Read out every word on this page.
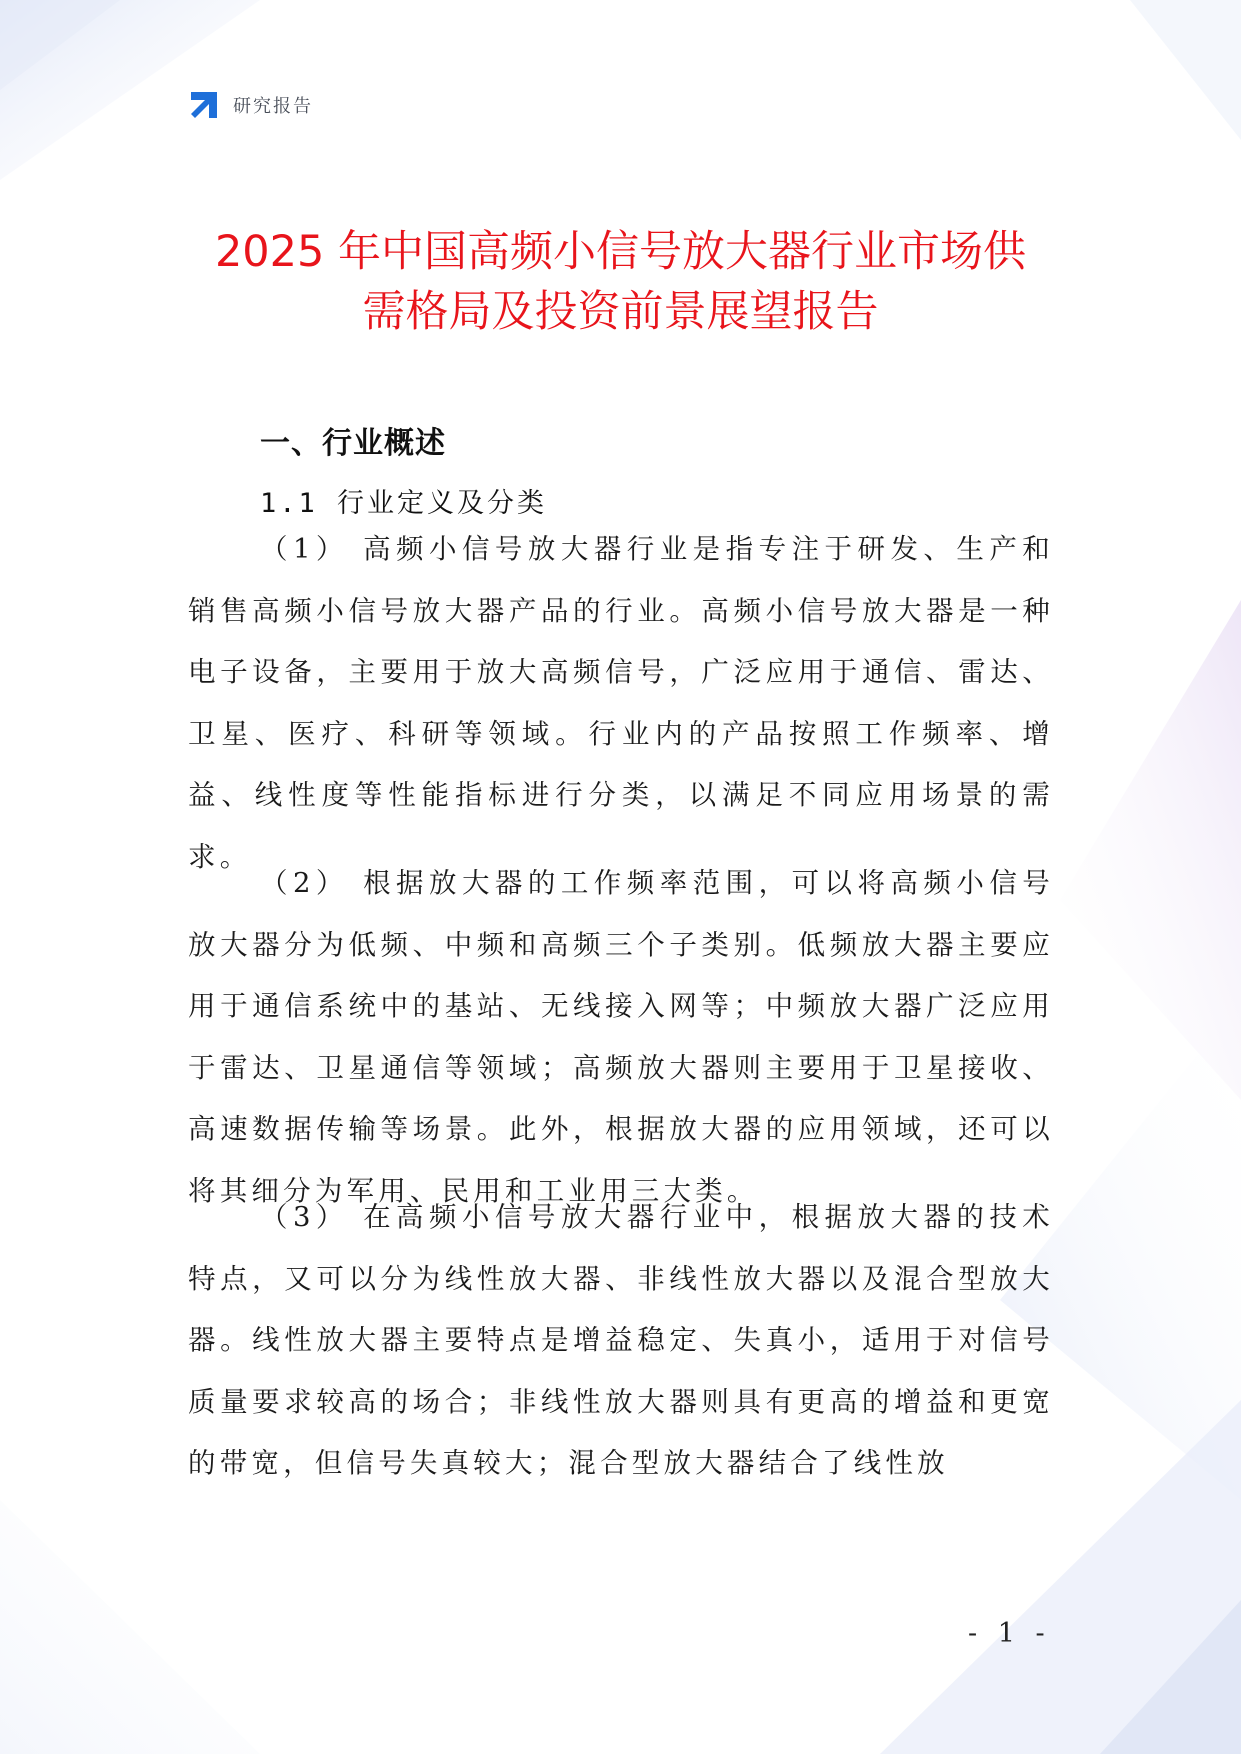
研究报告
2025 年中国高频小信号放大器行业市场供
需格局及投资前景展望报告
一、行业概述
1.1 行业定义及分类

（1） 高频小信号放大器行业是指专注于研发、生产和销售高频小信号放大器产品的行业。高频小信号放大器是一种电子设备，主要用于放大高频信号，广泛应用于通信、雷达、卫星、医疗、科研等领域。行业内的产品按照工作频率、增益、线性度等性能指标进行分类，以满足不同应用场景的需求。

（2） 根据放大器的工作频率范围，可以将高频小信号放大器分为低频、中频和高频三个子类别。低频放大器主要应用于通信系统中的基站、无线接入网等；中频放大器广泛应用于雷达、卫星通信等领域；高频放大器则主要用于卫星接收、高速数据传输等场景。此外，根据放大器的应用领域，还可以将其细分为军用、民用和工业用三大类。

（3） 在高频小信号放大器行业中，根据放大器的技术特点，又可以分为线性放大器、非线性放大器以及混合型放大器。线性放大器主要特点是增益稳定、失真小，适用于对信号质量要求较高的场合；非线性放大器则具有更高的增益和更宽的带宽，但信号失真较大；混合型放大器结合了线性放

- 1 -
